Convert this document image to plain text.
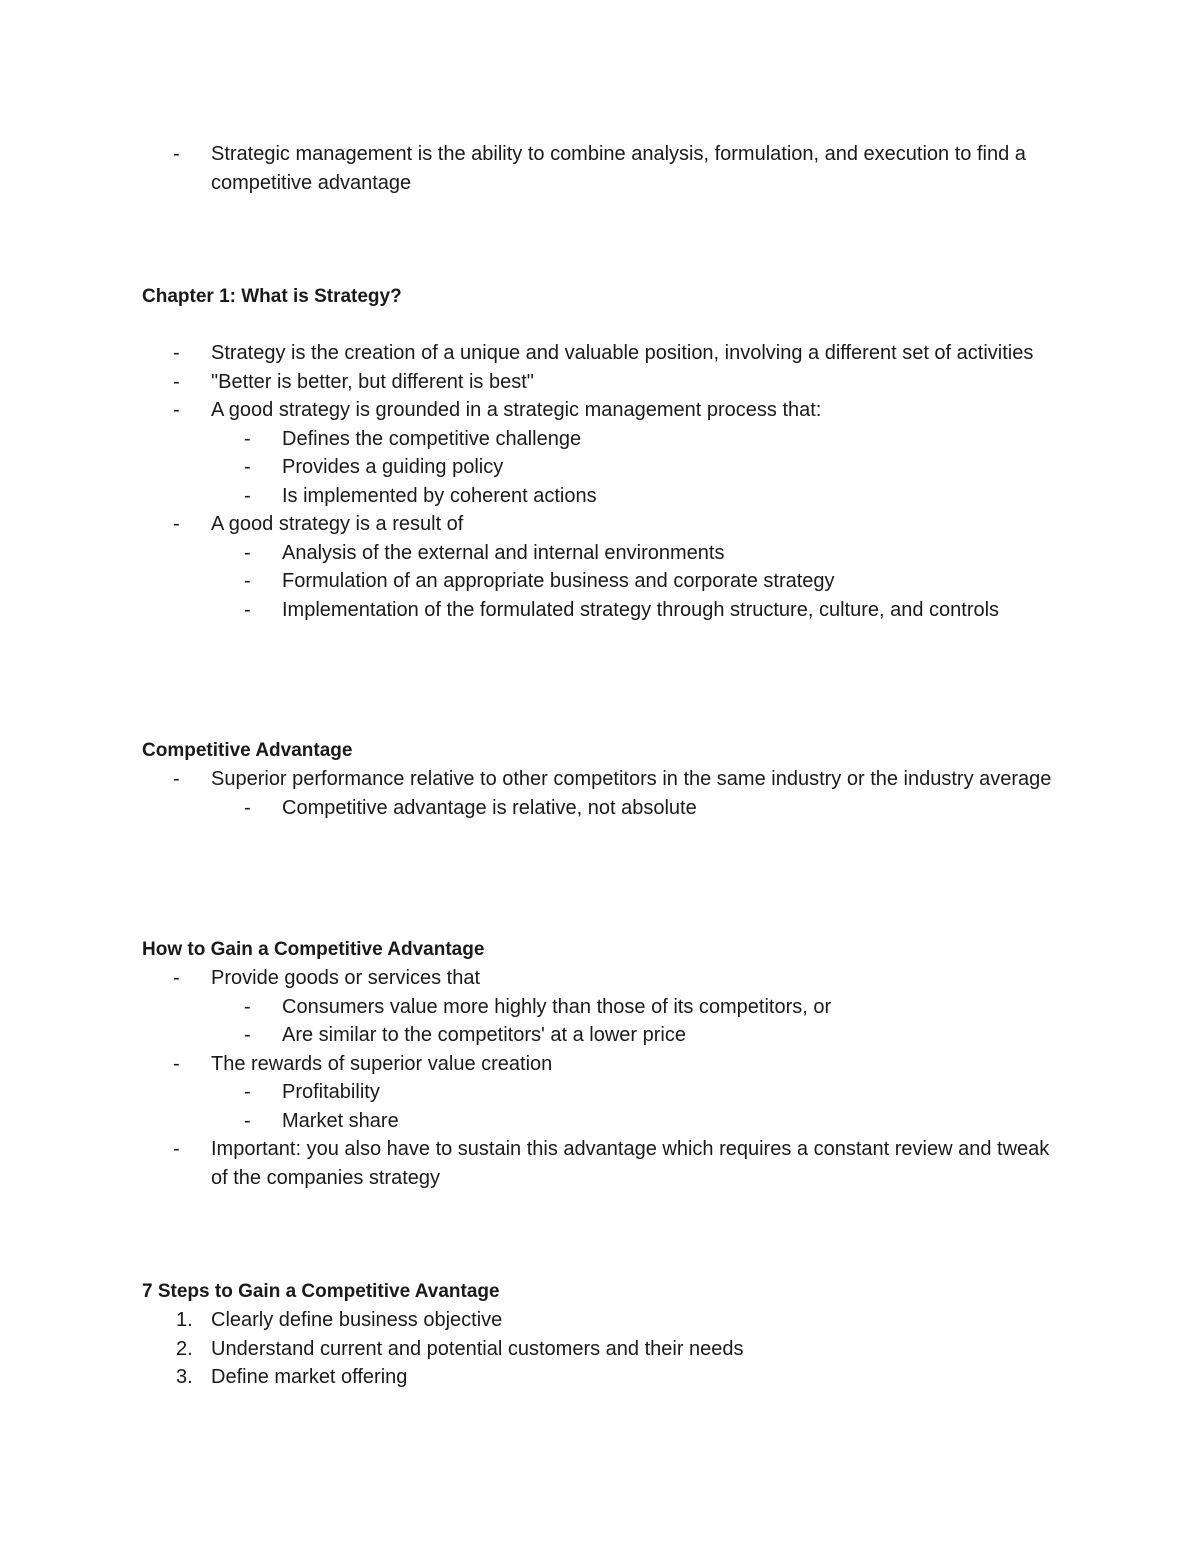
- Strategic management is the ability to combine analysis, formulation, and execution to find a competitive advantage
Chapter 1: What is Strategy?
- Strategy is the creation of a unique and valuable position, involving a different set of activities
- "Better is better, but different is best"
- A good strategy is grounded in a strategic management process that:
- Defines the competitive challenge
- Provides a guiding policy
- Is implemented by coherent actions
- A good strategy is a result of
- Analysis of the external and internal environments
- Formulation of an appropriate business and corporate strategy
- Implementation of the formulated strategy through structure, culture, and controls
Competitive Advantage
- Superior performance relative to other competitors in the same industry or the industry average
- Competitive advantage is relative, not absolute
How to Gain a Competitive Advantage
- Provide goods or services that
- Consumers value more highly than those of its competitors, or
- Are similar to the competitors' at a lower price
- The rewards of superior value creation
- Profitability
- Market share
- Important: you also have to sustain this advantage which requires a constant review and tweak of the companies strategy
7 Steps to Gain a Competitive Avantage
1. Clearly define business objective
2. Understand current and potential customers and their needs
3. Define market offering
